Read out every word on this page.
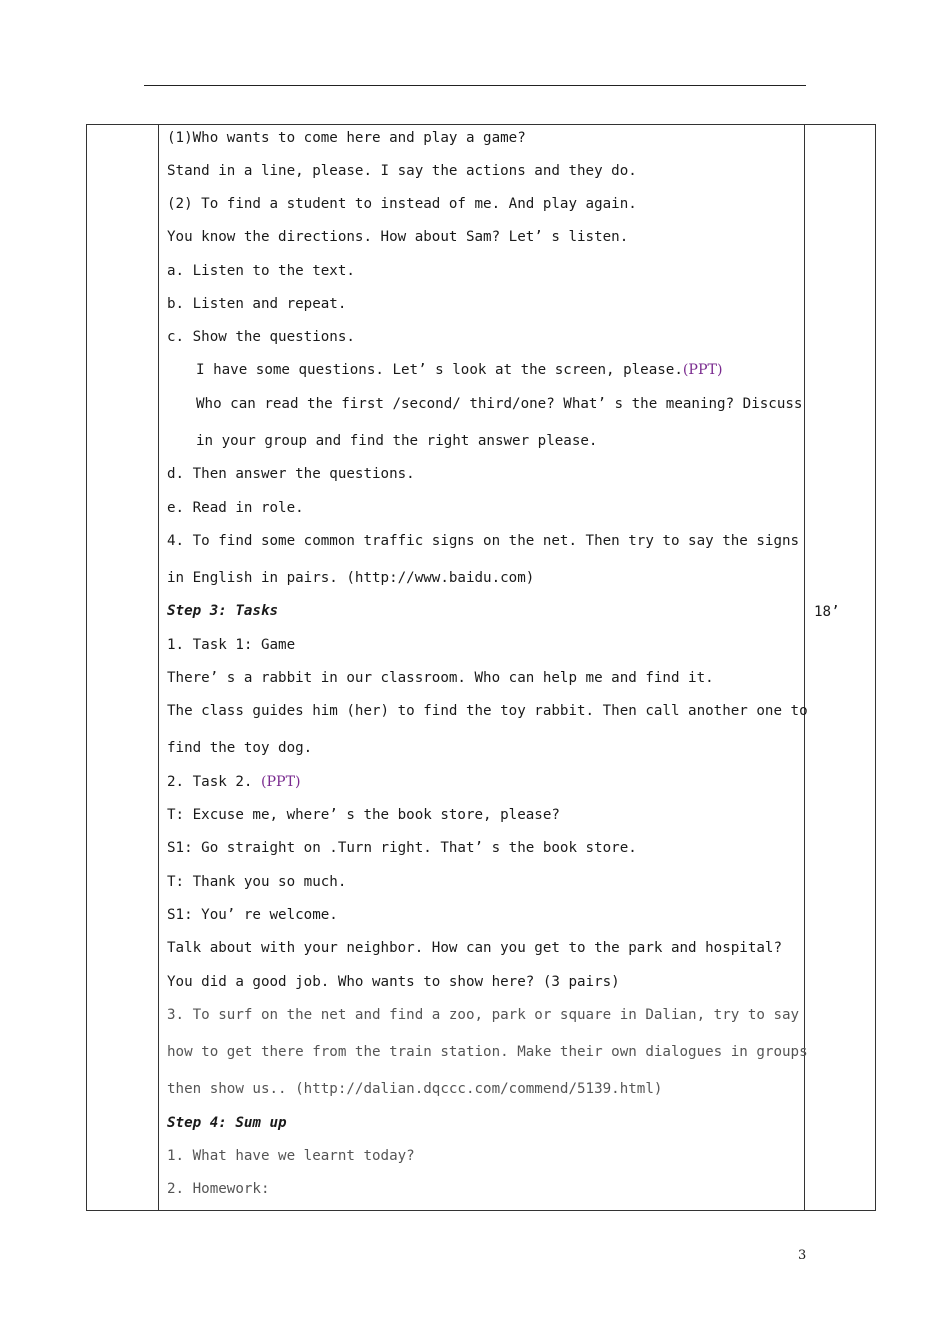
(1)Who wants to come here and play a game?
Stand in a line, please. I say the actions and they do.
(2) To find a student to instead of me. And play again.
You know the directions. How about Sam? Let’ s listen.
a. Listen to the text.
b. Listen and repeat.
c. Show the questions.
I have some questions. Let’ s look at the screen, please.(PPT)
Who can read the first /second/ third/one? What’ s the meaning? Discuss
in your group and find the right answer please.
d. Then answer the questions.
e. Read in role.
4. To find some common traffic signs on the net. Then try to say the signs
in English in pairs. (http://www.baidu.com)
Step 3: Tasks
1. Task 1: Game
There’ s a rabbit in our classroom. Who can help me and find it.
The class guides him (her) to find the toy rabbit. Then call another one to
find the toy dog.
2. Task 2. (PPT)
T: Excuse me, where’ s the book store, please?
S1: Go straight on .Turn right. That’ s the book store.
T: Thank you so much.
S1: You’ re welcome.
Talk about with your neighbor. How can you get to the park and hospital?
You did a good job. Who wants to show here? (3 pairs)
3. To surf on the net and find a zoo, park or square in Dalian, try to say
how to get there from the train station. Make their own dialogues in groups
then show us.. (http://dalian.dqccc.com/commend/5139.html)
Step 4: Sum up
1. What have we learnt today?
2. Homework:
18’
3
